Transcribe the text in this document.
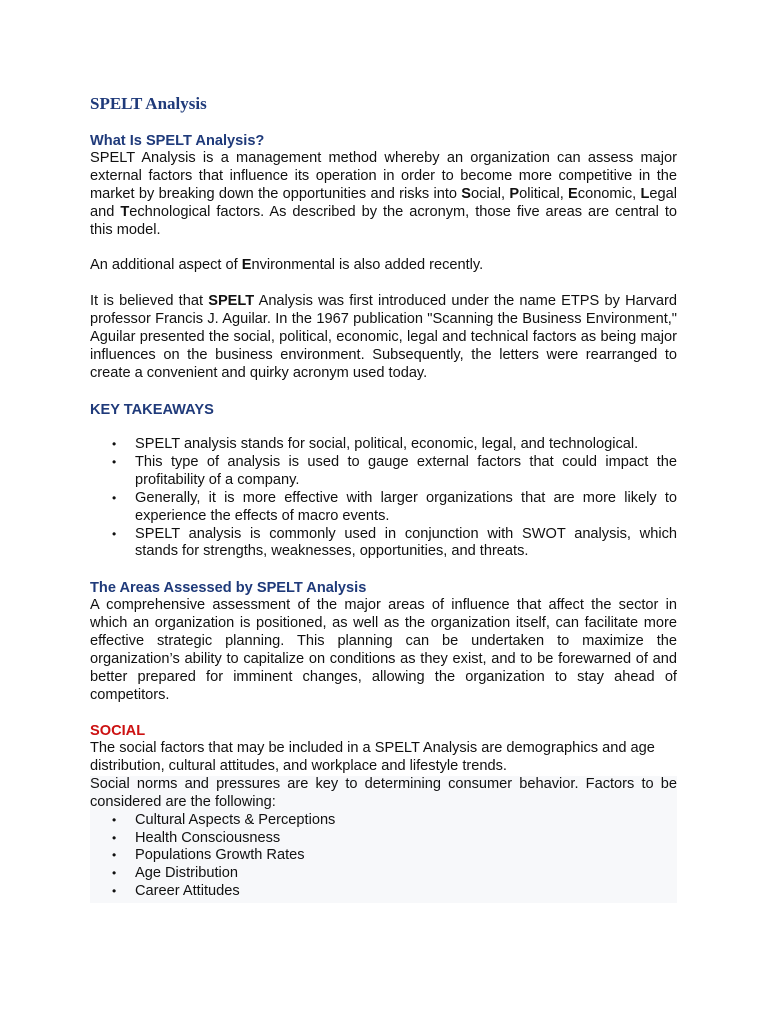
SPELT Analysis
What Is SPELT Analysis?

SPELT Analysis is a management method whereby an organization can assess major external factors that influence its operation in order to become more competitive in the market by breaking down the opportunities and risks into Social, Political, Economic, Legal and Technological factors. As described by the acronym, those five areas are central to this model.

An additional aspect of Environmental is also added recently.

It is believed that SPELT Analysis was first introduced under the name ETPS by Harvard professor Francis J. Aguilar. In the 1967 publication "Scanning the Business Environment," Aguilar presented the social, political, economic, legal and technical factors as being major influences on the business environment. Subsequently, the letters were rearranged to create a convenient and quirky acronym used today.

KEY TAKEAWAYS
• SPELT analysis stands for social, political, economic, legal, and technological.
• This type of analysis is used to gauge external factors that could impact the profitability of a company.
• Generally, it is more effective with larger organizations that are more likely to experience the effects of macro events.
• SPELT analysis is commonly used in conjunction with SWOT analysis, which stands for strengths, weaknesses, opportunities, and threats.
The Areas Assessed by SPELT Analysis

A comprehensive assessment of the major areas of influence that affect the sector in which an organization is positioned, as well as the organization itself, can facilitate more effective strategic planning. This planning can be undertaken to maximize the organization’s ability to capitalize on conditions as they exist, and to be forewarned of and better prepared for imminent changes, allowing the organization to stay ahead of competitors.

SOCIAL

The social factors that may be included in a SPELT Analysis are demographics and age distribution, cultural attitudes, and workplace and lifestyle trends.

Social norms and pressures are key to determining consumer behavior. Factors to be considered are the following:

• Cultural Aspects & Perceptions
• Health Consciousness
• Populations Growth Rates
• Age Distribution
• Career Attitudes
